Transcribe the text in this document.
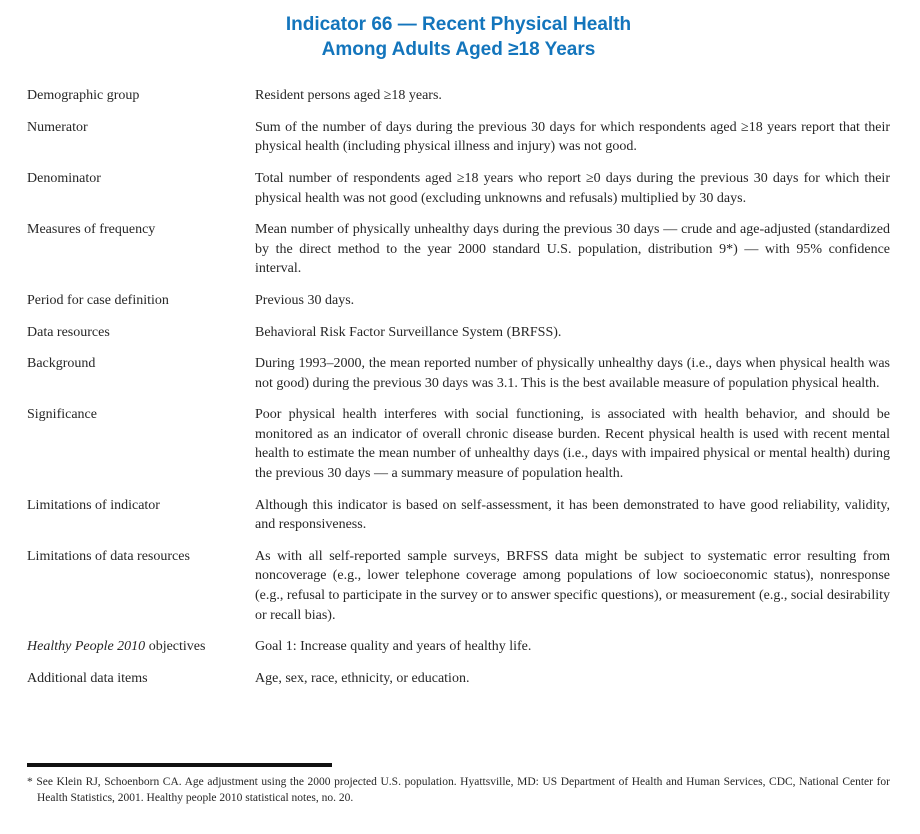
Indicator 66 — Recent Physical Health
Among Adults Aged ≥18 Years
Demographic group	Resident persons aged ≥18 years.
Numerator	Sum of the number of days during the previous 30 days for which respondents aged ≥18 years report that their physical health (including physical illness and injury) was not good.
Denominator	Total number of respondents aged ≥18 years who report ≥0 days during the previous 30 days for which their physical health was not good (excluding unknowns and refusals) multiplied by 30 days.
Measures of frequency	Mean number of physically unhealthy days during the previous 30 days — crude and age-adjusted (standardized by the direct method to the year 2000 standard U.S. population, distribution 9*) — with 95% confidence interval.
Period for case definition	Previous 30 days.
Data resources	Behavioral Risk Factor Surveillance System (BRFSS).
Background	During 1993–2000, the mean reported number of physically unhealthy days (i.e., days when physical health was not good) during the previous 30 days was 3.1. This is the best available measure of population physical health.
Significance	Poor physical health interferes with social functioning, is associated with health behavior, and should be monitored as an indicator of overall chronic disease burden. Recent physical health is used with recent mental health to estimate the mean number of unhealthy days (i.e., days with impaired physical or mental health) during the previous 30 days — a summary measure of population health.
Limitations of indicator	Although this indicator is based on self-assessment, it has been demonstrated to have good reliability, validity, and responsiveness.
Limitations of data resources	As with all self-reported sample surveys, BRFSS data might be subject to systematic error resulting from noncoverage (e.g., lower telephone coverage among populations of low socioeconomic status), nonresponse (e.g., refusal to participate in the survey or to answer specific questions), or measurement (e.g., social desirability or recall bias).
Healthy People 2010 objectives	Goal 1: Increase quality and years of healthy life.
Additional data items	Age, sex, race, ethnicity, or education.
* See Klein RJ, Schoenborn CA. Age adjustment using the 2000 projected U.S. population. Hyattsville, MD: US Department of Health and Human Services, CDC, National Center for Health Statistics, 2001. Healthy people 2010 statistical notes, no. 20.
